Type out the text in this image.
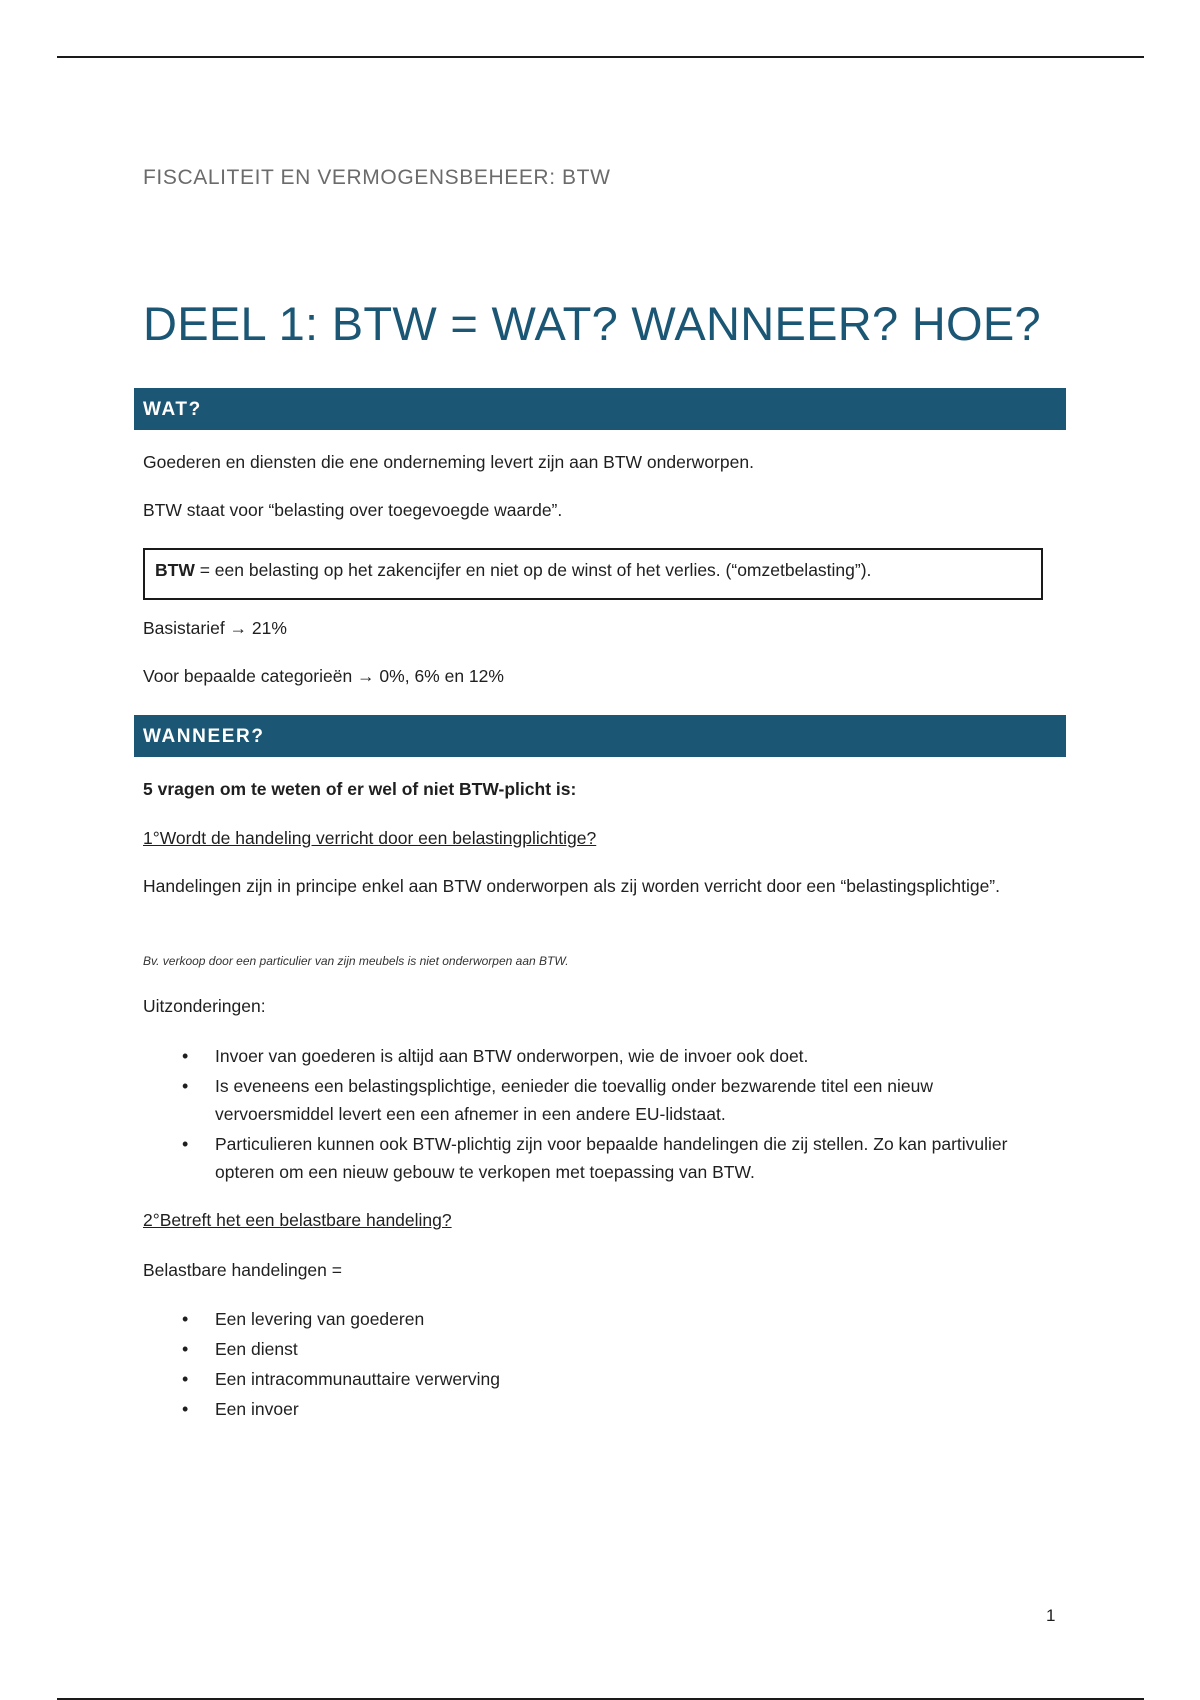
FISCALITEIT EN VERMOGENSBEHEER: BTW
DEEL 1: BTW = WAT? WANNEER? HOE?
WAT?
Goederen en diensten die ene onderneming levert zijn aan BTW onderworpen.
BTW staat voor “belasting over toegevoegde waarde”.
BTW = een belasting op het zakencijfer en niet op de winst of het verlies. (“omzetbelasting”).
Basistarief → 21%
Voor bepaalde categorieën → 0%, 6% en 12%
WANNEER?
5 vragen om te weten of er wel of niet BTW-plicht is:
1°Wordt de handeling verricht door een belastingplichtige?
Handelingen zijn in principe enkel aan BTW onderworpen als zij worden verricht door een “belastingsplichtige”.
Bv. verkoop door een particulier van zijn meubels is niet onderworpen aan BTW.
Uitzonderingen:
• Invoer van goederen is altijd aan BTW onderworpen, wie de invoer ook doet.
• Is eveneens een belastingsplichtige, eenieder die toevallig onder bezwarende titel een nieuw vervoersmiddel levert een een afnemer in een andere EU-lidstaat.
• Particulieren kunnen ook BTW-plichtig zijn voor bepaalde handelingen die zij stellen. Zo kan partivulier opteren om een nieuw gebouw te verkopen met toepassing van BTW.
2°Betreft het een belastbare handeling?
Belastbare handelingen =
• Een levering van goederen
• Een dienst
• Een intracommunauttaire verwerving
• Een invoer
1
